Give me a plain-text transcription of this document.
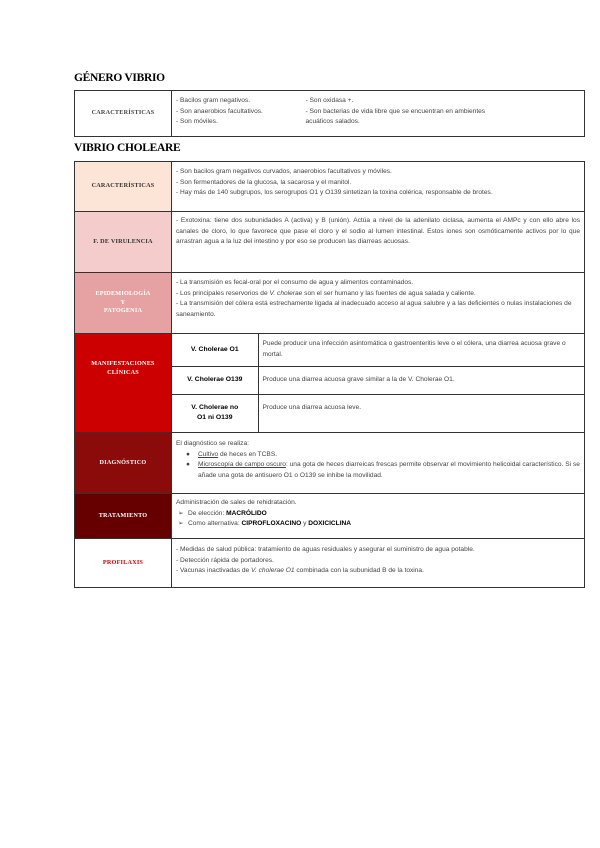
GÉNERO VIBRIO
CARACTERÍSTICAS	
- Bacilos gram negativos.
- Son anaerobios facultativos.
- Son móviles.

- Son oxidasa +.
- Son bacterias de vida libre que se encuentran en ambientes
acuáticos salados.
VIBRIO CHOLEARE
CARACTERÍSTICAS	
- Son bacilos gram negativos curvados, anaerobios facultativos y móviles.
- Son fermentadores de la glucosa, la sacarosa y el manitol.
- Hay más de 140 subgrupos, los serogrupos O1 y O139 sintetizan la toxina colérica, responsable de brotes.

F. DE VIRULENCIA	
- Exotoxina: tiene dos subunidades A (activa) y B (unión). Actúa a nivel de la adenilato ciclasa, aumenta el AMPc y con ello abre los canales de cloro, lo que favorece que pase el cloro y el sodio al lumen intestinal. Estos iones son osmóticamente activos por lo que arrastran agua a la luz del intestino y por eso se producen las diarreas acuosas.

EPIDEMIOLOGÍA
Y
PATOGENIA

- La transmisión es fecal-oral por el consumo de agua y alimentos contaminados.
- Los principales reservorios de V. cholerae son el ser humano y las fuentes de agua salada y caliente.
- La transmisión del cólera está estrechamente ligada al inadecuado acceso al agua salubre y a las deficientes o nulas instalaciones de saneamiento.

MANIFESTACIONES
CLÍNICAS

V. Cholerae O1	Puede producir una infección asintomática o gastroenteritis leve o el cólera, una diarrea acuosa grave o mortal.
V. Cholerae O139	Produce una diarrea acuosa grave similar a la de V. Cholerae O1.
V. Cholerae no O1 ni O139	Produce una diarrea acuosa leve.

DIAGNÓSTICO	
El diagnóstico se realiza:
● Cultivo de heces en TCBS.
● Microscopía de campo oscuro: una gota de heces diarreicas frescas permite observar el movimiento helicoidal característico. Si se añade una gota de antisuero O1 o O139 se inhibe la movilidad.

TRATAMIENTO	
Administración de sales de rehidratación.
➢ De elección: MACRÓLIDO
➢ Como alternativa: CIPROFLOXACINO y DOXICICLINA

PROFILAXIS	
- Medidas de salud pública: tratamiento de aguas residuales y asegurar el suministro de agua potable.
- Detección rápida de portadores.
- Vacunas inactivadas de V. cholerae O1 combinada con la subunidad B de la toxina.
